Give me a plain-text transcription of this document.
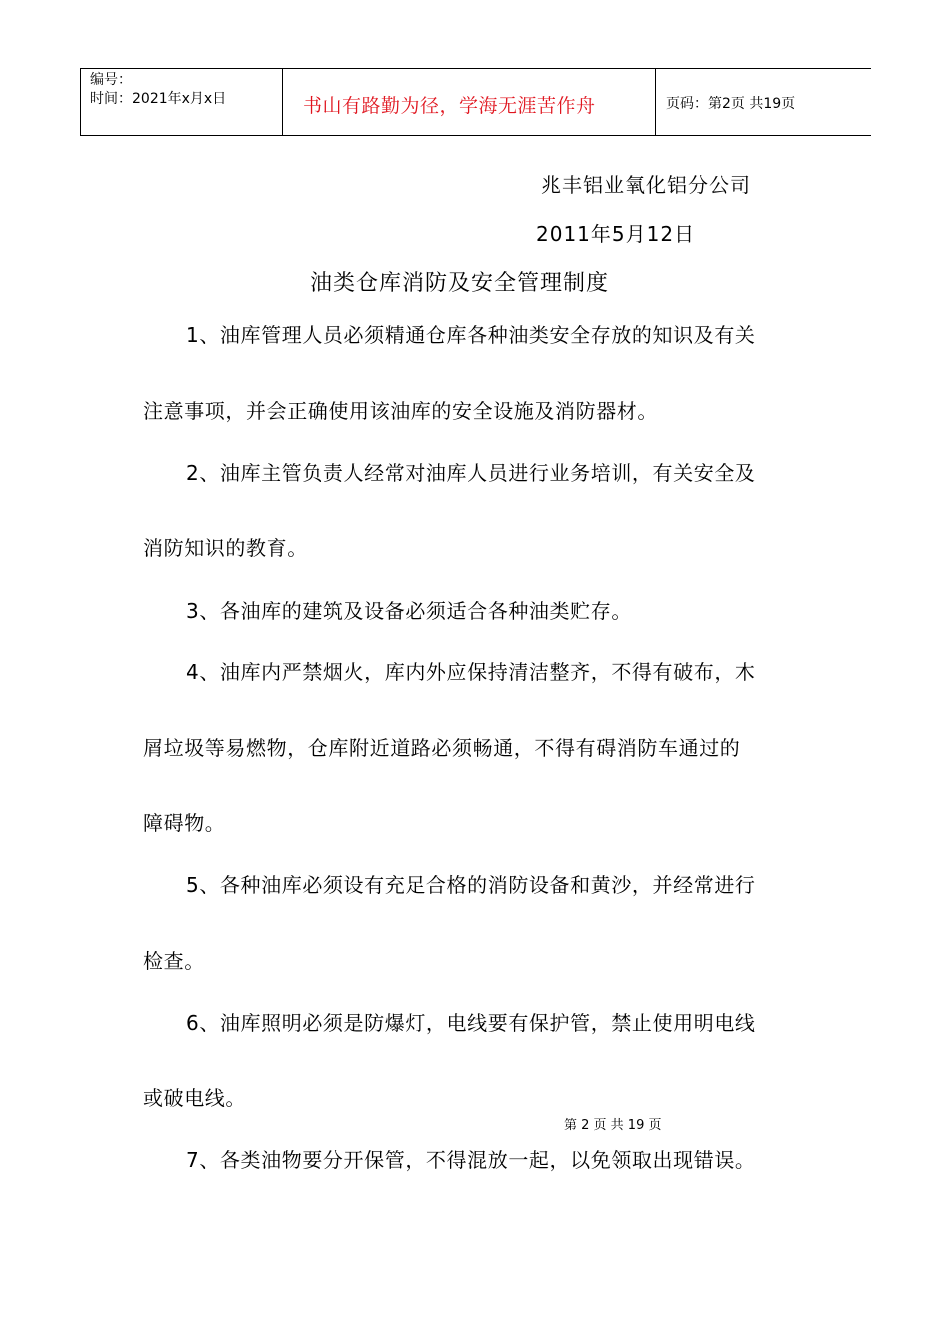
编号：
时间：2021年x月x日	书山有路勤为径，学海无涯苦作舟	页码：第2页 共19页
兆丰铝业氧化铝分公司
2011年5月12日
油类仓库消防及安全管理制度
1、油库管理人员必须精通仓库各种油类安全存放的知识及有关
注意事项，并会正确使用该油库的安全设施及消防器材。
2、油库主管负责人经常对油库人员进行业务培训，有关安全及
消防知识的教育。
3、各油库的建筑及设备必须适合各种油类贮存。
4、油库内严禁烟火，库内外应保持清洁整齐，不得有破布，木
屑垃圾等易燃物，仓库附近道路必须畅通，不得有碍消防车通过的
障碍物。
5、各种油库必须设有充足合格的消防设备和黄沙，并经常进行
检查。
6、油库照明必须是防爆灯，电线要有保护管，禁止使用明电线
或破电线。
第 2 页 共 19 页
7、各类油物要分开保管，不得混放一起，以免领取出现错误。
